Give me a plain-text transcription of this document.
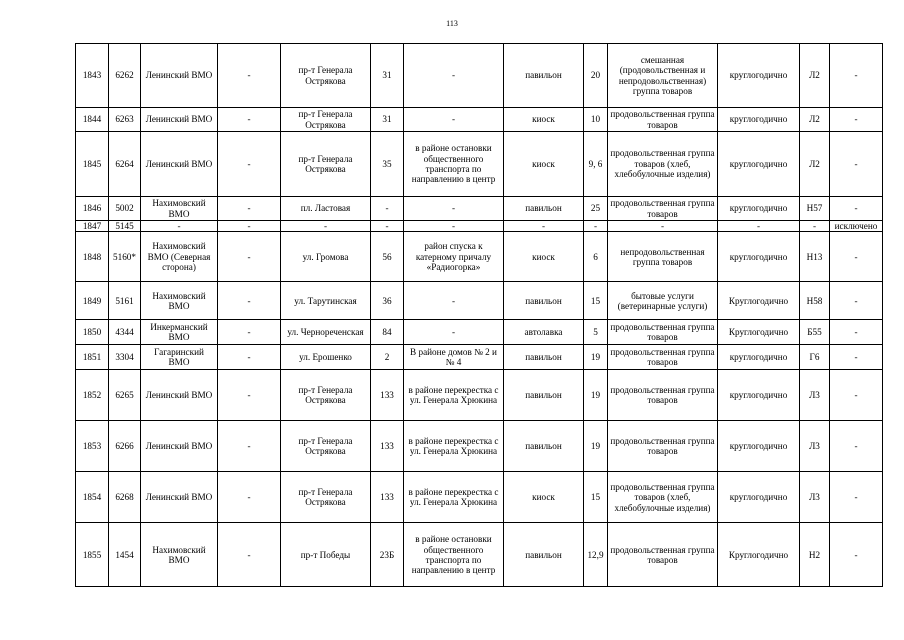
113
1843	6262	Ленинский ВМО	-	пр-т Генерала Острякова	31	-	павильон	20	смешанная (продовольственная и непродовольственная) группа товаров	круглогодично	Л2	-
1844	6263	Ленинский ВМО	-	пр-т Генерала Острякова	31	-	киоск	10	продовольственная группа товаров	круглогодично	Л2	-
1845	6264	Ленинский ВМО	-	пр-т Генерала Острякова	35	в районе остановки общественного транспорта по направлению в центр	киоск	9, 6	продовольственная группа товаров (хлеб, хлебобулочные изделия)	круглогодично	Л2	-
1846	5002	Нахимовский ВМО	-	пл. Ластовая	-	-	павильон	25	продовольственная группа товаров	круглогодично	Н57	-
1847	5145	-	-	-	-	-	-	-	-	-	-	исключено
1848	5160*	Нахимовский ВМО (Северная сторона)	-	ул. Громова	56	район спуска к катерному причалу «Радиогорка»	киоск	6	непродовольственная группа товаров	круглогодично	Н13	-
1849	5161	Нахимовский ВМО	-	ул. Тарутинская	36	-	павильон	15	бытовые услуги (ветеринарные услуги)	Круглогодично	Н58	-
1850	4344	Инкерманский ВМО	-	ул. Чернореченская	84	-	автолавка	5	продовольственная группа товаров	Круглогодично	Б55	-
1851	3304	Гагаринский ВМО	-	ул. Ерошенко	2	В районе домов № 2 и № 4	павильон	19	продовольственная группа товаров	круглогодично	Г6	-
1852	6265	Ленинский ВМО	-	пр-т Генерала Острякова	133	в районе перекрестка с ул. Генерала Хрюкина	павильон	19	продовольственная группа товаров	круглогодично	Л3	-
1853	6266	Ленинский ВМО	-	пр-т Генерала Острякова	133	в районе перекрестка с ул. Генерала Хрюкина	павильон	19	продовольственная группа товаров	круглогодично	Л3	-
1854	6268	Ленинский ВМО	-	пр-т Генерала Острякова	133	в районе перекрестка с ул. Генерала Хрюкина	киоск	15	продовольственная группа товаров (хлеб, хлебобулочные изделия)	круглогодично	Л3	-
1855	1454	Нахимовский ВМО	-	пр-т Победы	23Б	в районе остановки общественного транспорта по направлению в центр	павильон	12,9	продовольственная группа товаров	Круглогодично	Н2	-
